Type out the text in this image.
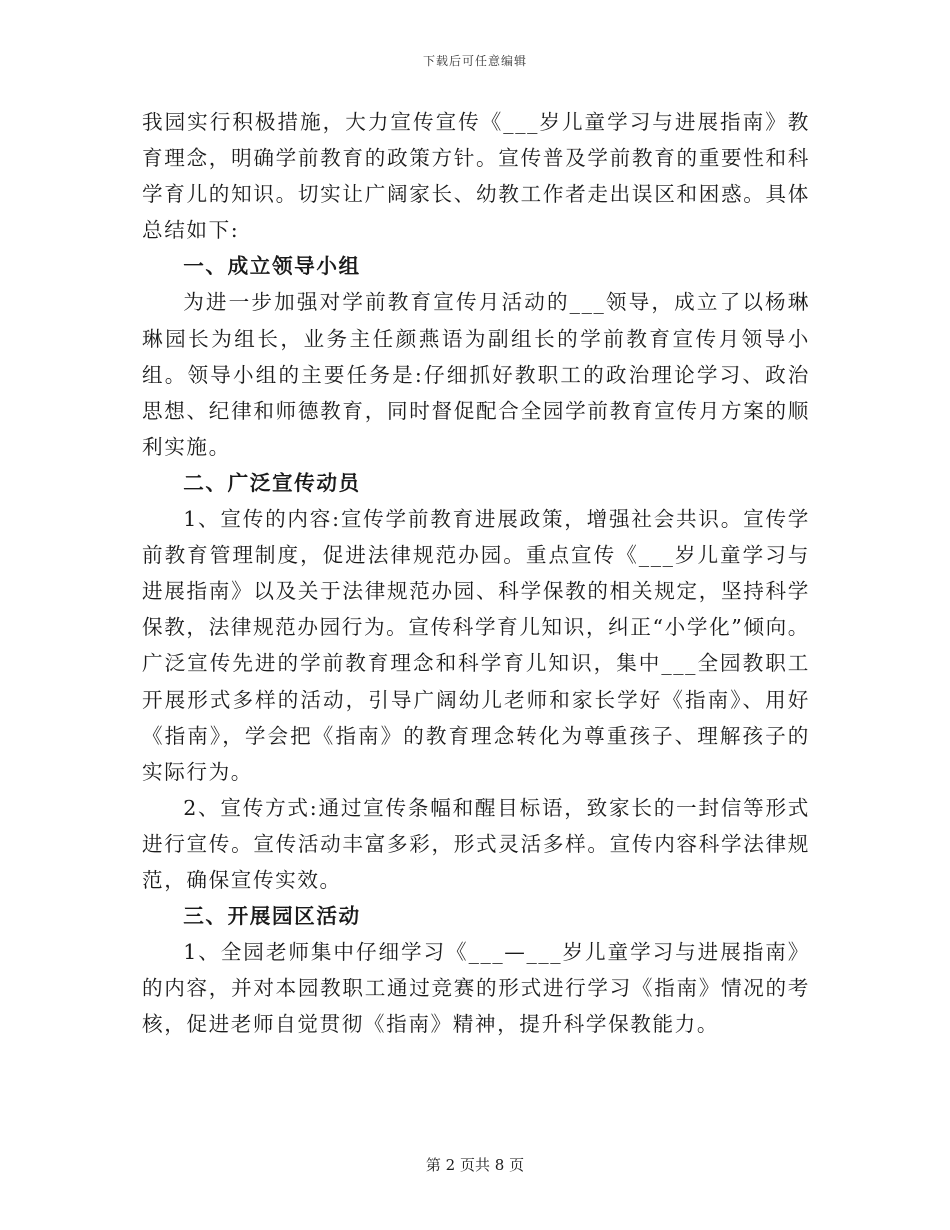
下载后可任意编辑

我园实行积极措施，大力宣传宣传《___岁儿童学习与进展指南》教育理念，明确学前教育的政策方针。宣传普及学前教育的重要性和科学育儿的知识。切实让广阔家长、幼教工作者走出误区和困惑。具体总结如下:

一、成立领导小组

为进一步加强对学前教育宣传月活动的___领导，成立了以杨琳琳园长为组长，业务主任颜燕语为副组长的学前教育宣传月领导小组。领导小组的主要任务是:仔细抓好教职工的政治理论学习、政治思想、纪律和师德教育，同时督促配合全园学前教育宣传月方案的顺利实施。

二、广泛宣传动员

1、宣传的内容:宣传学前教育进展政策，增强社会共识。宣传学前教育管理制度，促进法律规范办园。重点宣传《___岁儿童学习与进展指南》以及关于法律规范办园、科学保教的相关规定，坚持科学保教，法律规范办园行为。宣传科学育儿知识，纠正“小学化”倾向。广泛宣传先进的学前教育理念和科学育儿知识，集中___全园教职工开展形式多样的活动，引导广阔幼儿老师和家长学好《指南》、用好《指南》，学会把《指南》的教育理念转化为尊重孩子、理解孩子的实际行为。

2、宣传方式:通过宣传条幅和醒目标语，致家长的一封信等形式进行宣传。宣传活动丰富多彩，形式灵活多样。宣传内容科学法律规范，确保宣传实效。

三、开展园区活动

1、全园老师集中仔细学习《___—___岁儿童学习与进展指南》的内容，并对本园教职工通过竞赛的形式进行学习《指南》情况的考核，促进老师自觉贯彻《指南》精神，提升科学保教能力。

第 2 页共 8 页
